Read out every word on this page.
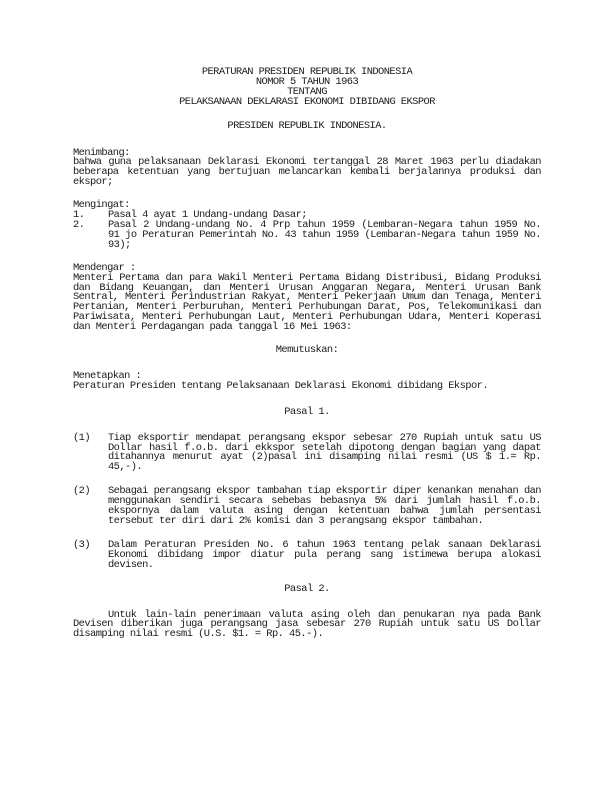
PERATURAN PRESIDEN REPUBLIK INDONESIA
NOMOR 5 TAHUN 1963
TENTANG
PELAKSANAAN DEKLARASI EKONOMI DIBIDANG EKSPOR
PRESIDEN REPUBLIK INDONESIA.
Menimbang:
bahwa guna pelaksanaan Deklarasi Ekonomi tertanggal 28 Maret 1963 perlu diadakan beberapa ketentuan yang bertujuan melancarkan kembali berjalannya produksi dan ekspor;
Mengingat:
1.	Pasal 4 ayat 1 Undang-undang Dasar;
2.	Pasal 2 Undang-undang No. 4 Prp tahun 1959 (Lembaran-Negara tahun 1959 No. 91 jo Peraturan Pemerintah No. 43 tahun 1959 (Lembaran-Negara tahun 1959 No. 93);
Mendengar :
Menteri Pertama dan para Wakil Menteri Pertama Bidang Distribusi, Bidang Produksi dan Bidang Keuangan, dan Menteri Urusan Anggaran Negara, Menteri Urusan Bank Sentral, Menteri Perindustrian Rakyat, Menteri Pekerjaan Umum dan Tenaga, Menteri Pertanian, Menteri Perburuhan, Menteri Perhubungan Darat, Pos, Telekomunikasi dan Pariwisata, Menteri Perhubungan Laut, Menteri Perhubungan Udara, Menteri Koperasi dan Menteri Perdagangan pada tanggal 16 Mei 1963:
Memutuskan:
Menetapkan :
Peraturan Presiden tentang Pelaksanaan Deklarasi Ekonomi dibidang Ekspor.
Pasal 1.
(1)	Tiap eksportir mendapat perangsang ekspor sebesar 270 Rupiah untuk satu US Dollar hasil f.o.b. dari ekkspor setelah dipotong dengan bagian yang dapat ditahannya menurut ayat (2)pasal ini disamping nilai resmi (US $ 1.= Rp. 45,-).
(2)	Sebagai perangsang ekspor tambahan tiap eksportir diper kenankan menahan dan menggunakan sendiri secara sebebas bebasnya 5% dari jumlah hasil f.o.b. ekspornya dalam valuta asing dengan ketentuan bahwa jumlah persentasi tersebut ter diri dari 2% komisi dan 3 perangsang ekspor tambahan.
(3)	Dalam Peraturan Presiden No. 6 tahun 1963 tentang pelak sanaan Deklarasi Ekonomi dibidang impor diatur pula perang sang istimewa berupa alokasi devisen.
Pasal 2.
Untuk lain-lain penerimaan valuta asing oleh dan penukaran nya pada Bank Devisen diberikan juga perangsang jasa sebesar 270 Rupiah untuk satu US Dollar disamping nilai resmi (U.S. $1. = Rp. 45.-).
